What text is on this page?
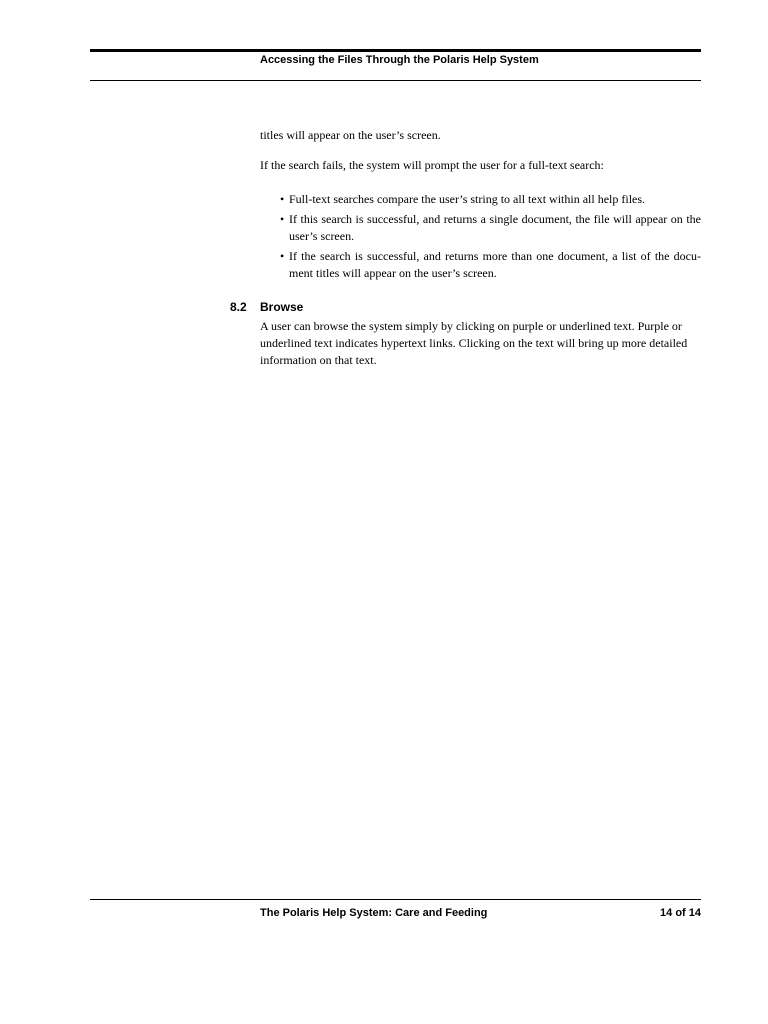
Accessing the Files Through the Polaris Help System
titles will appear on the user’s screen.
If the search fails, the system will prompt the user for a full-text search:
• Full-text searches compare the user’s string to all text within all help files.
• If this search is successful, and returns a single document, the file will appear on the user’s screen.
• If the search is successful, and returns more than one document, a list of the docu-ment titles will appear on the user’s screen.
8.2 Browse
A user can browse the system simply by clicking on purple or underlined text. Purple or underlined text indicates hypertext links. Clicking on the text will bring up more detailed information on that text.
The Polaris Help System: Care and Feeding	14 of 14
